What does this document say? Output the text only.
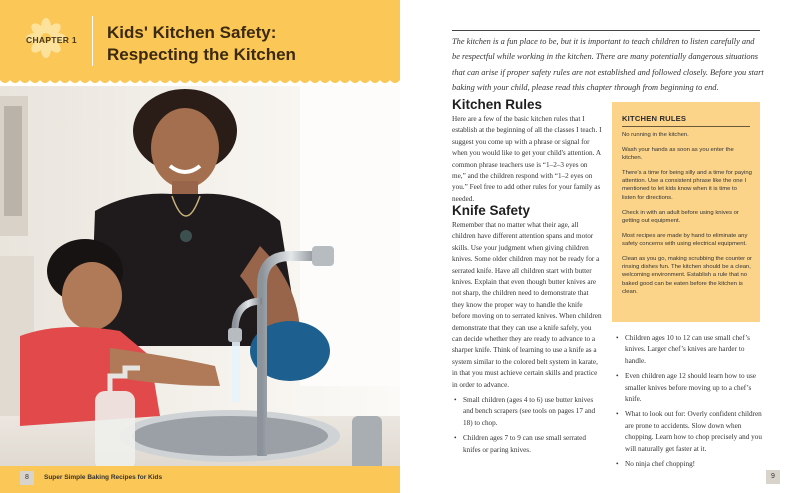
CHAPTER 1 Kids' Kitchen Safety:
Respecting the Kitchen
8	Super Simple Baking Recipes for Kids

The kitchen is a fun place to be, but it is important to teach children to listen carefully and be respectful while working in the kitchen. There are many potentially dangerous situations that can arise if proper safety rules are not established and followed closely. Before you start baking with your child, please read this chapter through from beginning to end.

Kitchen Rules

Here are a few of the basic kitchen rules that I establish at the beginning of all the classes I teach. I suggest you come up with a phrase or signal for when you would like to get your child's attention. A common phrase teachers use is “1–2–3 eyes on me,” and the children respond with “1–2 eyes on you.” Feel free to add other rules for your family as needed.

Knife Safety

Remember that no matter what their age, all children have different attention spans and motor skills. Use your judgment when giving children knives. Some older children may not be ready for a serrated knife. Have all children start with butter knives. Explain that even though butter knives are not sharp, the children need to demonstrate that they know the proper way to handle the knife before moving on to serrated knives. When children demonstrate that they can use a knife safely, you can decide whether they are ready to advance to a sharper knife. Think of learning to use a knife as a system similar to the colored belt system in karate, in that you must achieve certain skills and practice in order to advance.

• Small children (ages 4 to 6) use butter knives and bench scrapers (see tools on pages 17 and 18) to chop.
• Children ages 7 to 9 can use small serrated knifes or paring knives.
KITCHEN RULES
No running in the kitchen.
Wash your hands as soon as you enter the kitchen.
There’s a time for being silly and a time for paying attention. Use a consistent phrase like the one I mentioned to let kids know when it is time to listen for directions.
Check in with an adult before using knives or getting out equipment.
Most recipes are made by hand to eliminate any safety concerns with using electrical equipment.
Clean as you go, making scrubbing the counter or rinsing dishes fun. The kitchen should be a clean, welcoming environment. Establish a rule that no baked good can be eaten before the kitchen is clean.
• Children ages 10 to 12 can use small chef’s knives. Larger chef’s knives are harder to handle.
• Even children age 12 should learn how to use smaller knives before moving up to a chef’s knife.
• What to look out for: Overly confident children are prone to accidents. Slow down when chopping. Learn how to chop precisely and you will naturally get faster at it.
• No ninja chef chopping!
9
